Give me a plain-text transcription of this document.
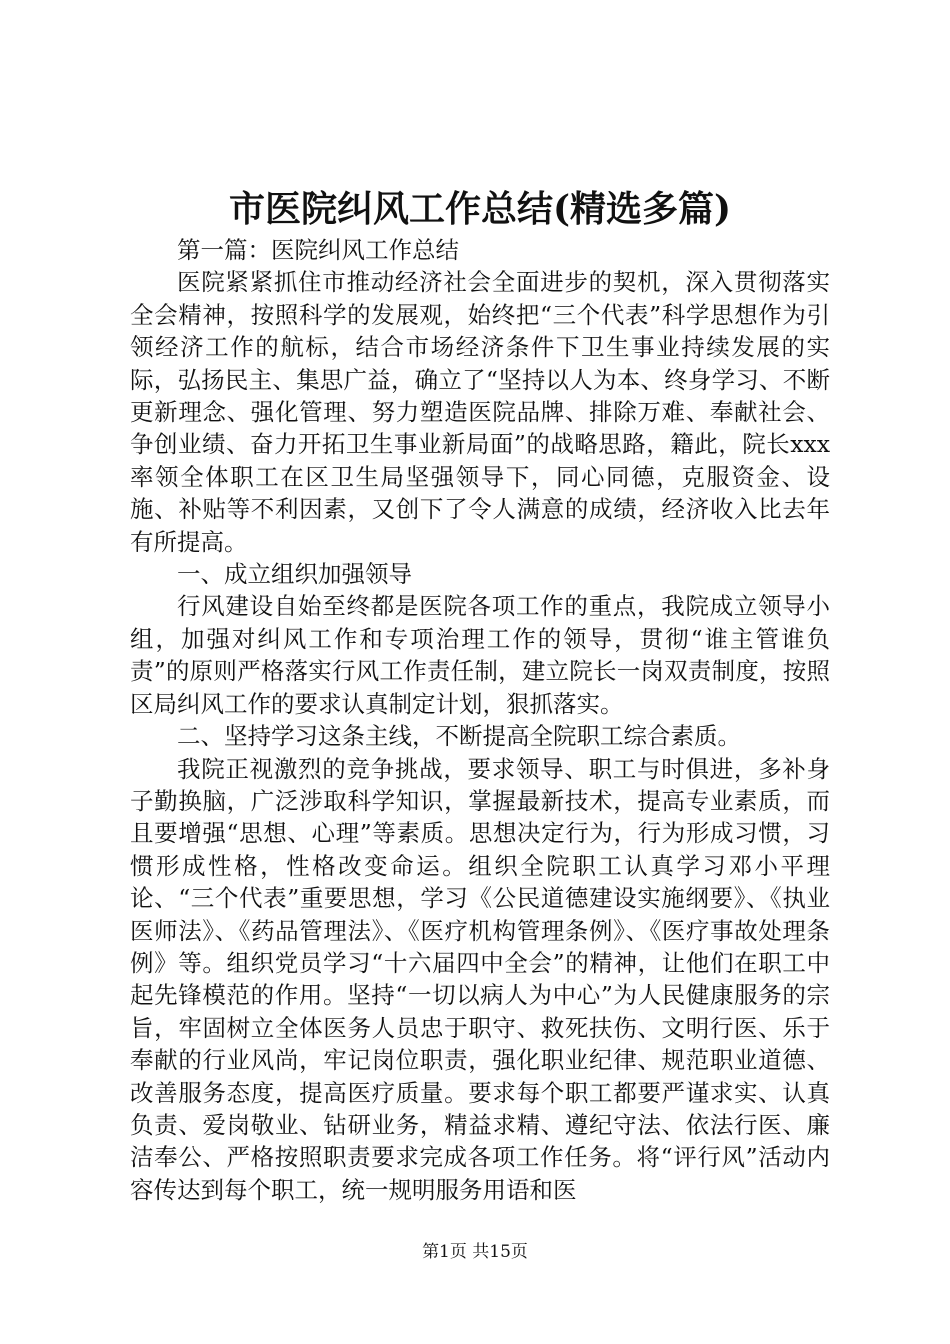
市医院纠风工作总结(精选多篇)

第一篇：医院纠风工作总结

医院紧紧抓住市推动经济社会全面进步的契机，深入贯彻落实全会精神，按照科学的发展观，始终把“三个代表”科学思想作为引领经济工作的航标，结合市场经济条件下卫生事业持续发展的实际，弘扬民主、集思广益，确立了“坚持以人为本、终身学习、不断更新理念、强化管理、努力塑造医院品牌、排除万难、奉献社会、争创业绩、奋力开拓卫生事业新局面”的战略思路，籍此，院长xxx率领全体职工在区卫生局坚强领导下，同心同德，克服资金、设施、补贴等不利因素，又创下了令人满意的成绩，经济收入比去年有所提高。

一、成立组织加强领导

行风建设自始至终都是医院各项工作的重点，我院成立领导小组，加强对纠风工作和专项治理工作的领导，贯彻“谁主管谁负责”的原则严格落实行风工作责任制，建立院长一岗双责制度，按照区局纠风工作的要求认真制定计划，狠抓落实。

二、坚持学习这条主线，不断提高全院职工综合素质。

我院正视激烈的竞争挑战，要求领导、职工与时俱进，多补身子勤换脑，广泛涉取科学知识，掌握最新技术，提高专业素质，而且要增强“思想、心理”等素质。思想决定行为，行为形成习惯，习惯形成性格，性格改变命运。组织全院职工认真学习邓小平理论、“三个代表”重要思想，学习《公民道德建设实施纲要》、《执业医师法》、《药品管理法》、《医疗机构管理条例》、《医疗事故处理条例》等。组织党员学习“十六届四中全会”的精神，让他们在职工中起先锋模范的作用。坚持“一切以病人为中心”为人民健康服务的宗旨，牢固树立全体医务人员忠于职守、救死扶伤、文明行医、乐于奉献的行业风尚，牢记岗位职责，强化职业纪律、规范职业道德、改善服务态度，提高医疗质量。要求每个职工都要严谨求实、认真负责、爱岗敬业、钻研业务，精益求精、遵纪守法、依法行医、廉洁奉公、严格按照职责要求完成各项工作任务。将“评行风”活动内容传达到每个职工，统一规明服务用语和医

第1页 共15页
